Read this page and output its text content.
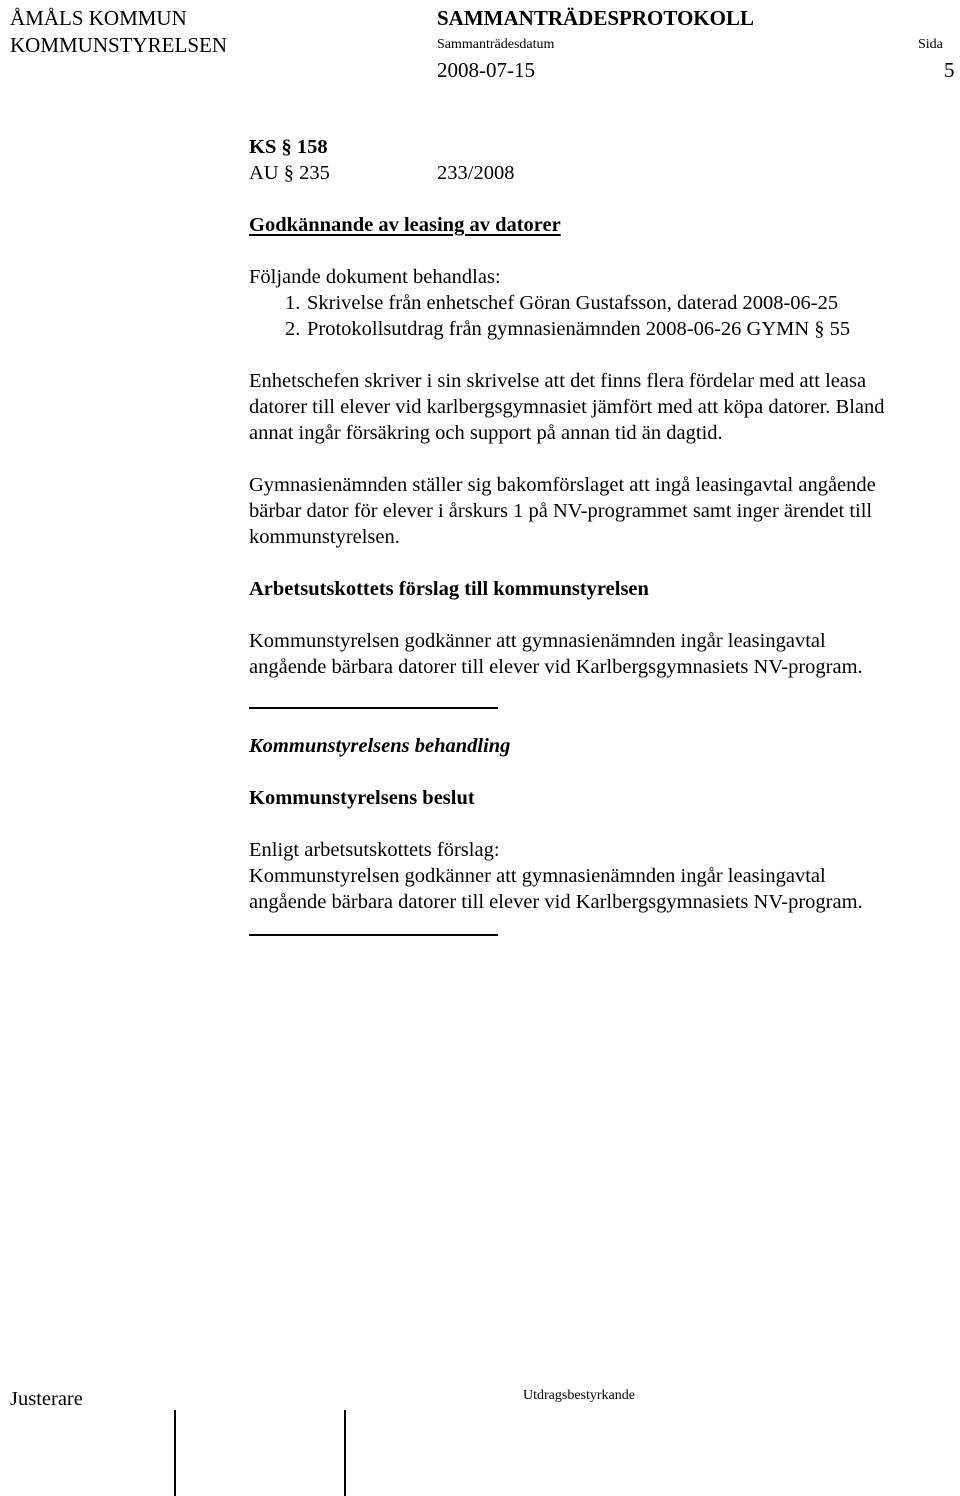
ÅMÅLS KOMMUN
KOMMUNSTYRELSEN
SAMMANTRÄDESPROTOKOLL
Sammanträdesdatum	Sida
2008-07-15	5
KS § 158
AU § 235	233/2008
Godkännande av leasing av datorer
Följande dokument behandlas:
1. Skrivelse från enhetschef Göran Gustafsson, daterad 2008-06-25
2. Protokollsutdrag från gymnasienämnden 2008-06-26 GYMN § 55
Enhetschefen skriver i sin skrivelse att det finns flera fördelar med att leasa
datorer till elever vid karlbergsgymnasiet jämfört med att köpa datorer. Bland
annat ingår försäkring och support på annan tid än dagtid.
Gymnasienämnden ställer sig bakomförslaget att ingå leasingavtal angående
bärbar dator för elever i årskurs 1 på NV-programmet samt inger ärendet till
kommunstyrelsen.
Arbetsutskottets förslag till kommunstyrelsen
Kommunstyrelsen godkänner att gymnasienämnden ingår leasingavtal
angående bärbara datorer till elever vid Karlbergsgymnasiets NV-program.
Kommunstyrelsens behandling
Kommunstyrelsens beslut
Enligt arbetsutskottets förslag:
Kommunstyrelsen godkänner att gymnasienämnden ingår leasingavtal
angående bärbara datorer till elever vid Karlbergsgymnasiets NV-program.
Justerare	Utdragsbestyrkande
